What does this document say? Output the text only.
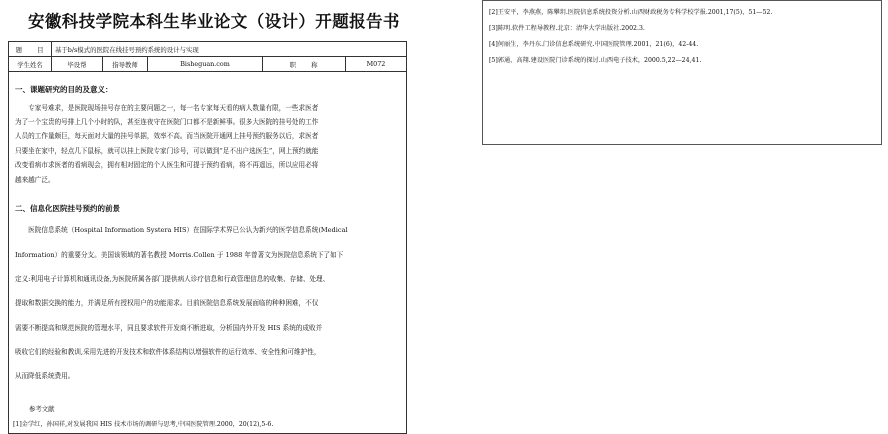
安徽科技学院本科生毕业论文（设计）开题报告书
题　　目	基于b/s模式的医院在线挂号预约系统的设计与实现				
学生姓名	毕设帮	指导教师	Bisheguan.com	职　　称	M072
一、课题研究的目的及意义：
　　专家号难求，是医院现场挂号存在的主要问题之一，每一名专家每天看的病人数量有限，一些求医者
为了一个宝贵的号排上几个小时的队，甚至连夜守在医院门口都不是新鲜事。很多大医院的挂号处的工作
人员的工作量颇巨，每天面对大量的挂号单据，效率不高。而当医院开通网上挂号预约服务以后，求医者
只要坐在家中，轻点几下鼠标，就可以挂上医院专家门诊号，可以做到“足不出户选医生”，网上预约就能
改变看病市求医者的看病现会，拥有相对固定的个人医生和可提于预约看病，将不再遥远，所以应用必将
越来越广泛。
二、信息化医院挂号预约的前景
　　医院信息系统（Hospital Information Systera HIS）在国际学术界已公认为新兴的医学信息系统(Medical
Information）的重要分支。美国该领域的著名教授 Morris.Collen 于 1988 年曾著文为医院信息系统下了如下
定义:利用电子计算机和通讯设备,为医院所属各部门提供病人诊疗信息和行政管理信息的收集、存储、处理、
提取和数据交换的能力，并满足所有授权用户的功能需求。目前医院信息系统发展面临的种种困难，不仅
需要不断提高和规范医院的管理水平，同且要求软件开发商不断进取，分析国内外开发 HIS 系统的成败并
吸收它们的经验和教训,采用先进的开发技术和软件体系结构以增强软件的运行效率、安全性和可维护性，
从而降低系统费用。
参考文献
[1]金学红，孙国祥,对发展我国 HIS 技术市场的调研与思考,中国医院管理.2000，20(12),5-6.
[2]王安平，李燕燕，陈攀玥.医院信息系统投资分析.山西财政税务专科学校学报.2001,17(5)，51—52.
[3]陈明.软件工程导教程.北京：清华大学出版社.2002.3.
[4]何丽生，李丹东.门诊信息系统研究.中国医院管理.2001，21(6)，42-44.
[5]郭通，高翔.建设医院门诊系统的探讨.山西电子技术，2000.5,22—24,41.
